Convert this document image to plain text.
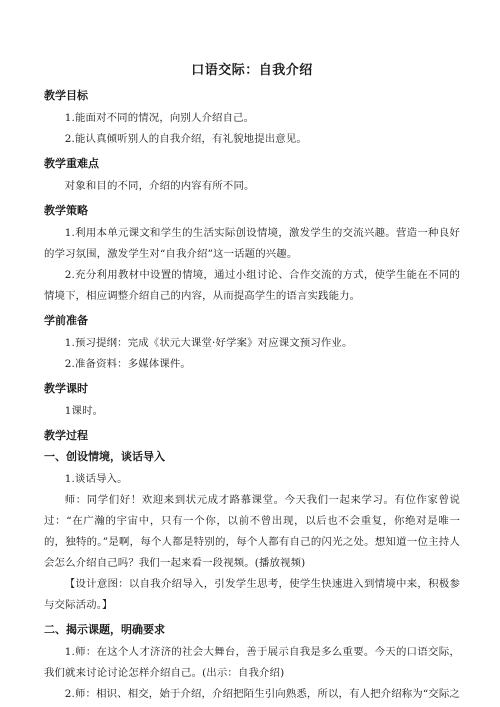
口语交际：自我介绍
教学目标

1.能面对不同的情况，向别人介绍自己。

2.能认真倾听别人的自我介绍，有礼貌地提出意见。

教学重难点

对象和目的不同，介绍的内容有所不同。

教学策略

1.利用本单元课文和学生的生活实际创设情境，激发学生的交流兴趣。营造一种良好的学习氛围，激发学生对“自我介绍”这一话题的兴趣。

2.充分利用教材中设置的情境，通过小组讨论、合作交流的方式，使学生能在不同的情境下，相应调整介绍自己的内容，从而提高学生的语言实践能力。

学前准备

1.预习提纲：完成《状元大课堂·好学案》对应课文预习作业。

2.准备资料：多媒体课件。

教学课时

1课时。

教学过程
一、创设情境，谈话导入

1.谈话导入。

师：同学们好！欢迎来到状元成才路慕课堂。今天我们一起来学习。有位作家曾说过：“在广瀚的宇宙中，只有一个你，以前不曾出现，以后也不会重复，你绝对是唯一的，独特的。”是啊，每个人都是特别的，每个人都有自己的闪光之处。想知道一位主持人会怎么介绍自己吗？我们一起来看一段视频。(播放视频)

【设计意图：以自我介绍导入，引发学生思考，使学生快速进入到情境中来，积极参与交际活动。】

二、揭示课题，明确要求

1.师：在这个人才济济的社会大舞台，善于展示自我是多么重要。今天的口语交际，我们就来讨论讨论怎样介绍自己。(出示：自我介绍)

2.师：相识、相交，始于介绍，介绍把陌生引向熟悉，所以，有人把介绍称为“交际之
